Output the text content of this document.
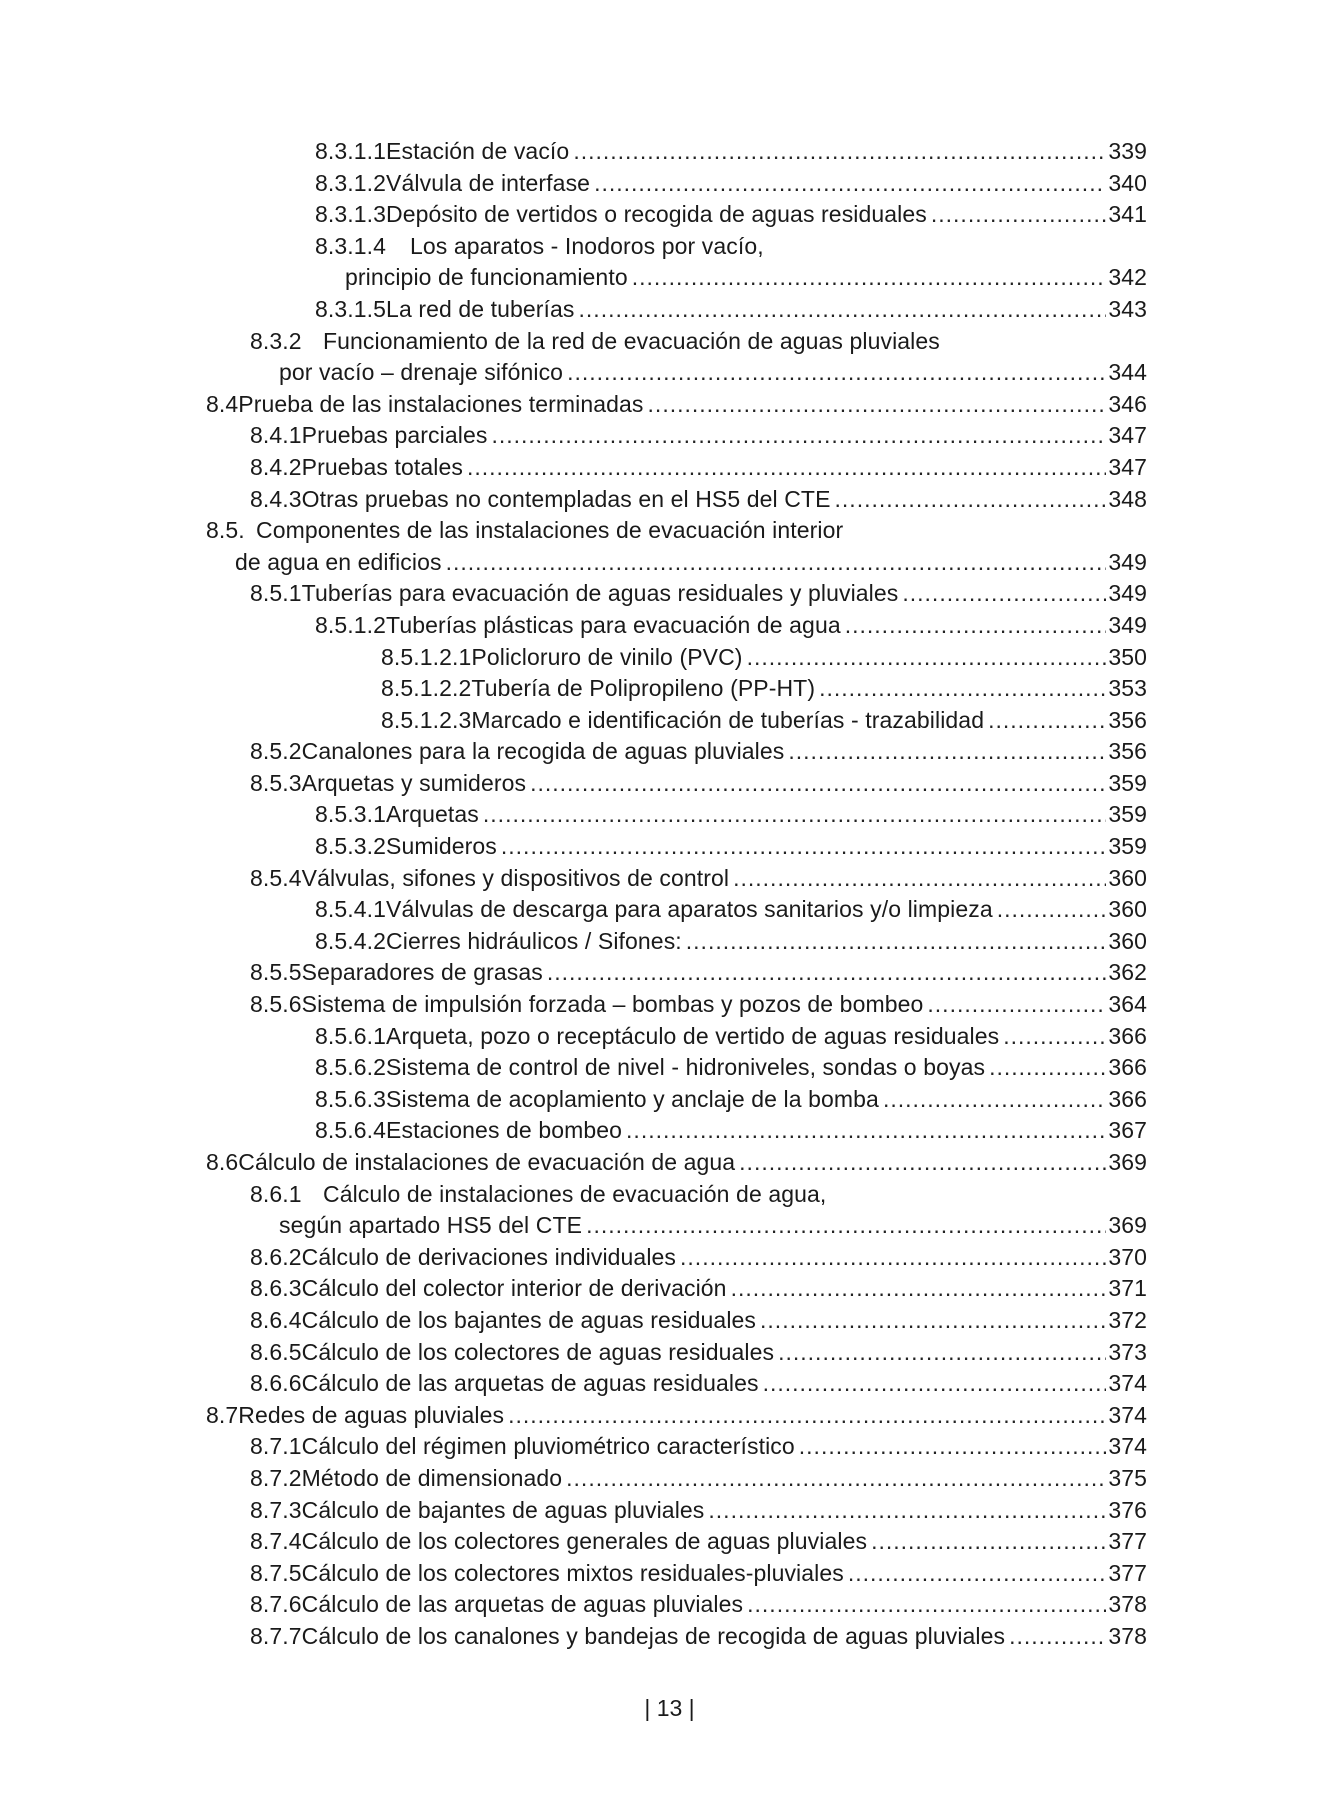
8.3.1.1 Estación de vacío .....	339
8.3.1.2 Válvula de interfase .....	340
8.3.1.3 Depósito de vertidos o recogida de aguas residuales .....	341
8.3.1.4	Los aparatos - Inodoros por vacío,
principio de funcionamiento .....	342
8.3.1.5 La red de tuberías .....	343
8.3.2 Funcionamiento de la red de evacuación de aguas pluviales
por vacío – drenaje sifónico .....	344
8.4 Prueba de las instalaciones terminadas .....	346
8.4.1 Pruebas parciales .....	347
8.4.2 Pruebas totales .....	347
8.4.3 Otras pruebas no contempladas en el HS5 del CTE .....	348
8.5. Componentes de las instalaciones de evacuación interior
de agua en edificios .....	349
8.5.1 Tuberías para evacuación de aguas residuales y pluviales .....	349
8.5.1.2 Tuberías plásticas para evacuación de agua .....	349
8.5.1.2.1 Policloruro de vinilo (PVC) .....	350
8.5.1.2.2 Tubería de Polipropileno (PP-HT) .....	353
8.5.1.2.3 Marcado e identificación de tuberías - trazabilidad .....	356
8.5.2 Canalones para la recogida de aguas pluviales .....	356
8.5.3 Arquetas y sumideros .....	359
8.5.3.1 Arquetas .....	359
8.5.3.2 Sumideros .....	359
8.5.4 Válvulas, sifones y dispositivos de control .....	360
8.5.4.1 Válvulas de descarga para aparatos sanitarios y/o limpieza .....	360
8.5.4.2 Cierres hidráulicos / Sifones: .....	360
8.5.5 Separadores de grasas .....	362
8.5.6 Sistema de impulsión forzada – bombas y pozos de bombeo .....	364
8.5.6.1 Arqueta, pozo o receptáculo de vertido de aguas residuales .....	366
8.5.6.2 Sistema de control de nivel - hidroniveles, sondas o boyas .....	366
8.5.6.3 Sistema de acoplamiento y anclaje de la bomba .....	366
8.5.6.4 Estaciones de bombeo .....	367
8.6 Cálculo de instalaciones de evacuación de agua .....	369
8.6.1 Cálculo de instalaciones de evacuación de agua,
según apartado HS5 del CTE .....	369
8.6.2 Cálculo de derivaciones individuales .....	370
8.6.3 Cálculo del colector interior de derivación .....	371
8.6.4 Cálculo de los bajantes de aguas residuales .....	372
8.6.5 Cálculo de los colectores de aguas residuales .....	373
8.6.6 Cálculo de las arquetas de aguas residuales .....	374
8.7 Redes de aguas pluviales .....	374
8.7.1 Cálculo del régimen pluviométrico característico .....	374
8.7.2 Método de dimensionado .....	375
8.7.3 Cálculo de bajantes de aguas pluviales .....	376
8.7.4 Cálculo de los colectores generales de aguas pluviales .....	377
8.7.5 Cálculo de los colectores mixtos residuales-pluviales .....	377
8.7.6 Cálculo de las arquetas de aguas pluviales .....	378
8.7.7 Cálculo de los canalones y bandejas de recogida de aguas pluviales .....	378
| 13 |
